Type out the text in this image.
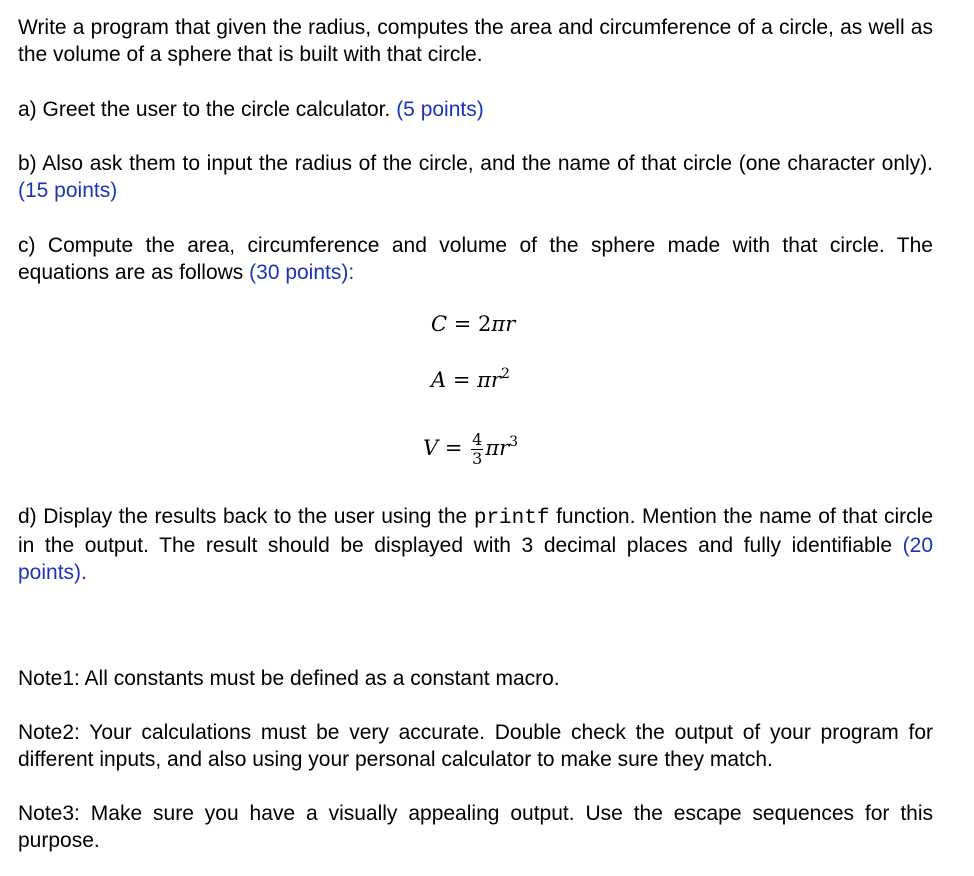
Write a program that given the radius, computes the area and circumference of a circle, as well as the volume of a sphere that is built with that circle.

a) Greet the user to the circle calculator. (5 points)

b) Also ask them to input the radius of the circle, and the name of that circle (one character only). (15 points)

c) Compute the area, circumference and volume of the sphere made with that circle. The equations are as follows (30 points):

C = 2πr
$A = \pi r^2$
$V = \frac{4}{3} \pi r^3$

d) Display the results back to the user using the printf function. Mention the name of that circle in the output. The result should be displayed with 3 decimal places and fully identifiable (20 points).

Note1: All constants must be defined as a constant macro.

Note2: Your calculations must be very accurate. Double check the output of your program for different inputs, and also using your personal calculator to make sure they match.

Note3: Make sure you have a visually appealing output. Use the escape sequences for this purpose.
